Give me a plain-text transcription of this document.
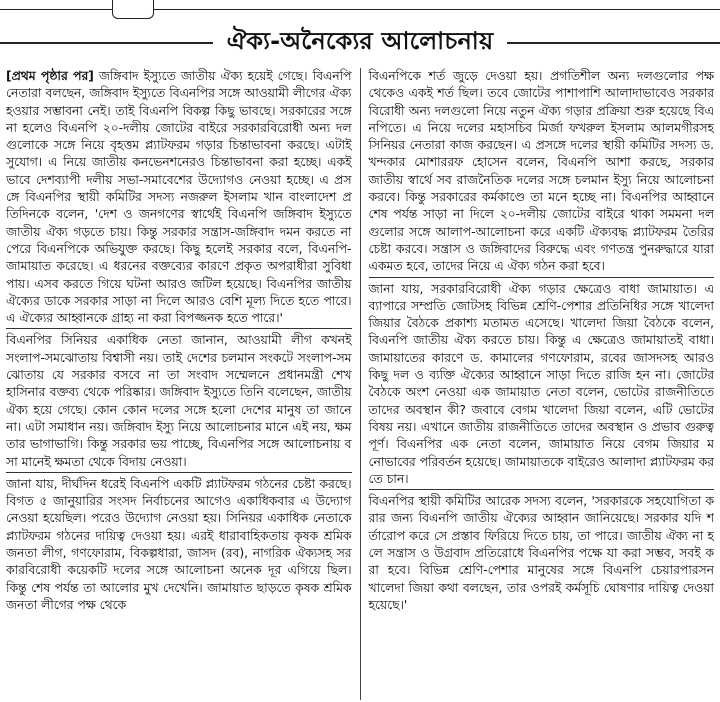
ঐক্য-অনৈক্যের আলোচনায়

[প্রথম পৃষ্ঠার পর] জঙ্গিবাদ ইস্যুতে জাতীয় ঐক্য হয়েই গেছে। বিএনপি নেতারা বলছেন, জঙ্গিবাদ ইস্যুতে বিএনপির সঙ্গে আওয়ামী লীগের ঐক্য হওয়ার সম্ভাবনা নেই। তাই বিএনপি বিকল্প কিছু ভাবছে। সরকারের সঙ্গে না হলেও বিএনপি ২০-দলীয় জোটের বাইরে সরকারবিরোধী অন্য দলগুলোকে সঙ্গে নিয়ে বৃহত্তম প্ল্যাটফরম গড়ার চিন্তাভাবনা করছে। এটাই সুযোগ। এ নিয়ে জাতীয় কনভেনশনেরও চিন্তাভাবনা করা হচ্ছে। একইভাবে দেশব্যাপী দলীয় সভা-সমাবেশের উদ্যোগও নেওয়া হচ্ছে। এ প্রসঙ্গে বিএনপির স্থায়ী কমিটির সদস্য নজরুল ইসলাম খান বাংলাদেশ প্রতিদিনকে বলেন, 'দেশ ও জনগণের স্বার্থেই বিএনপি জঙ্গিবাদ ইস্যুতে জাতীয় ঐক্য গড়তে চায়। কিন্তু সরকার সন্ত্রাস-জঙ্গিবাদ দমন করতে না পেরে বিএনপিকে অভিযুক্ত করছে। কিছু হলেই সরকার বলে, বিএনপি-জামায়াত করেছে। এ ধরনের বক্তব্যের কারণে প্রকৃত অপরাধীরা সুবিধা পায়। এসব করতে গিয়ে ঘটনা আরও জটিল হয়েছে। বিএনপির জাতীয় ঐক্যের ডাকে সরকার সাড়া না দিলে আরও বেশি মূল্য দিতে হতে পারে। এ ঐক্যের আহ্বানকে গ্রাহ্য না করা বিপজ্জনক হতে পারে।'

বিএনপির সিনিয়র একাধিক নেতা জানান, আওয়ামী লীগ কখনই সংলাপ-সমঝোতায় বিশ্বাসী নয়। তাই দেশের চলমান সংকটে সংলাপ-সমঝোতায় যে সরকার বসবে না তা সংবাদ সম্মেলনে প্রধানমন্ত্রী শেখ হাসিনার বক্তব্য থেকে পরিষ্কার। জঙ্গিবাদ ইস্যুতে তিনি বলেছেন, জাতীয় ঐক্য হয়ে গেছে। কোন কোন দলের সঙ্গে হলো দেশের মানুষ তা জানে না। এটা সমাধান নয়। জঙ্গিবাদ ইস্যু নিয়ে আলোচনার মানে এই নয়, ক্ষমতার ভাগাভাগি। কিন্তু সরকার ভয় পাচ্ছে, বিএনপির সঙ্গে আলোচনায় বসা মানেই ক্ষমতা থেকে বিদায় নেওয়া।

জানা যায়, দীর্ঘদিন ধরেই বিএনপি একটি প্ল্যাটফরম গঠনের চেষ্টা করছে। বিগত ৫ জানুয়ারির সংসদ নির্বাচনের আগেও একাধিকবার এ উদ্যোগ নেওয়া হয়েছিল। পরেও উদ্যোগ নেওয়া হয়। সিনিয়র একাধিক নেতাকে প্ল্যাটফরম গঠনের দায়িত্ব দেওয়া হয়। এরই ধারাবাহিকতায় কৃষক শ্রমিক জনতা লীগ, গণফোরাম, বিকল্পধারা, জাসদ (রব), নাগরিক ঐক্যসহ সরকারবিরোধী কয়েকটি দলের সঙ্গে আলোচনা অনেক দূর এগিয়ে ছিল। কিন্তু শেষ পর্যন্ত তা আলোর মুখ দেখেনি। জামায়াত ছাড়তে কৃষক শ্রমিক জনতা লীগের পক্ষ থেকে

বিএনপিকে শর্ত জুড়ে দেওয়া হয়। প্রগতিশীল অন্য দলগুলোর পক্ষ থেকেও একই শর্ত ছিল। তবে জোটের পাশাপাশি আলাদাভাবেও সরকারবিরোধী অন্য দলগুলো নিয়ে নতুন ঐক্য গড়ার প্রক্রিয়া শুরু হয়েছে বিএনপিতে। এ নিয়ে দলের মহাসচিব মির্জা ফখরুল ইসলাম আলমগীরসহ সিনিয়র নেতারা কাজ করছেন। এ প্রসঙ্গে দলের স্থায়ী কমিটির সদস্য ড. খন্দকার মোশাররফ হোসেন বলেন, বিএনপি আশা করছে, সরকার জাতীয় স্বার্থে সব রাজনৈতিক দলের সঙ্গে চলমান ইস্যু নিয়ে আলোচনা করবে। কিন্তু সরকারের কর্মকাণ্ডে তা মনে হচ্ছে না। বিএনপির আহ্বানে শেষ পর্যন্ত সাড়া না দিলে ২০-দলীয় জোটের বাইরে থাকা সমমনা দলগুলোর সঙ্গে আলাপ-আলোচনা করে একটি ঐক্যবদ্ধ প্ল্যাটফরম তৈরির চেষ্টা করবে। সন্ত্রাস ও জঙ্গিবাদের বিরুদ্ধে এবং গণতন্ত্র পুনরুদ্ধারে যারা একমত হবে, তাদের নিয়ে এ ঐক্য গঠন করা হবে।

জানা যায়, সরকারবিরোধী ঐক্য গড়ার ক্ষেত্রেও বাধা জামায়াত। এ ব্যাপারে সম্প্রতি জোটসহ বিভিন্ন শ্রেণি-পেশার প্রতিনিধির সঙ্গে খালেদা জিয়ার বৈঠকে প্রকাশ্য মতামত এসেছে। খালেদা জিয়া বৈঠকে বলেন, বিএনপি জাতীয় ঐক্য করতে চায়। কিন্তু এ ক্ষেত্রেও জামায়াতই বাধা। জামায়াতের কারণে ড. কামালের গণফোরাম, রবের জাসদসহ আরও কিছু দল ও ব্যক্তি ঐক্যের আহ্বানে সাড়া দিতে রাজি হন না। জোটের বৈঠকে অংশ নেওয়া এক জামায়াত নেতা বলেন, ভোটের রাজনীতিতে তাদের অবস্থান কী? জবাবে বেগম খালেদা জিয়া বলেন, এটি ভোটের বিষয় নয়। এখানে জাতীয় রাজনীতিতে তাদের অবস্থান ও প্রভাব গুরুত্বপূর্ণ। বিএনপির এক নেতা বলেন, জামায়াত নিয়ে বেগম জিয়ার মনোভাবের পরিবর্তন হয়েছে। জামায়াতকে বাইরেও আলাদা প্ল্যাটফরম করতে চান।

বিএনপির স্থায়ী কমিটির আরেক সদস্য বলেন, 'সরকারকে সহযোগিতা করার জন্য বিএনপি জাতীয় ঐক্যের আহ্বান জানিয়েছে। সরকার যদি শর্তারোপ করে সে প্রস্তাব ফিরিয়ে দিতে চায়, তা পারে। জাতীয় ঐক্য না হলে সন্ত্রাস ও উগ্রবাদ প্রতিরোধে বিএনপির পক্ষে যা করা সম্ভব, সবই করা হবে। বিভিন্ন শ্রেণি-পেশার মানুষের সঙ্গে বিএনপি চেয়ারপারসন খালেদা জিয়া কথা বলছেন, তার ওপরই কর্মসূচি ঘোষণার দায়িত্ব দেওয়া হয়েছে।'
